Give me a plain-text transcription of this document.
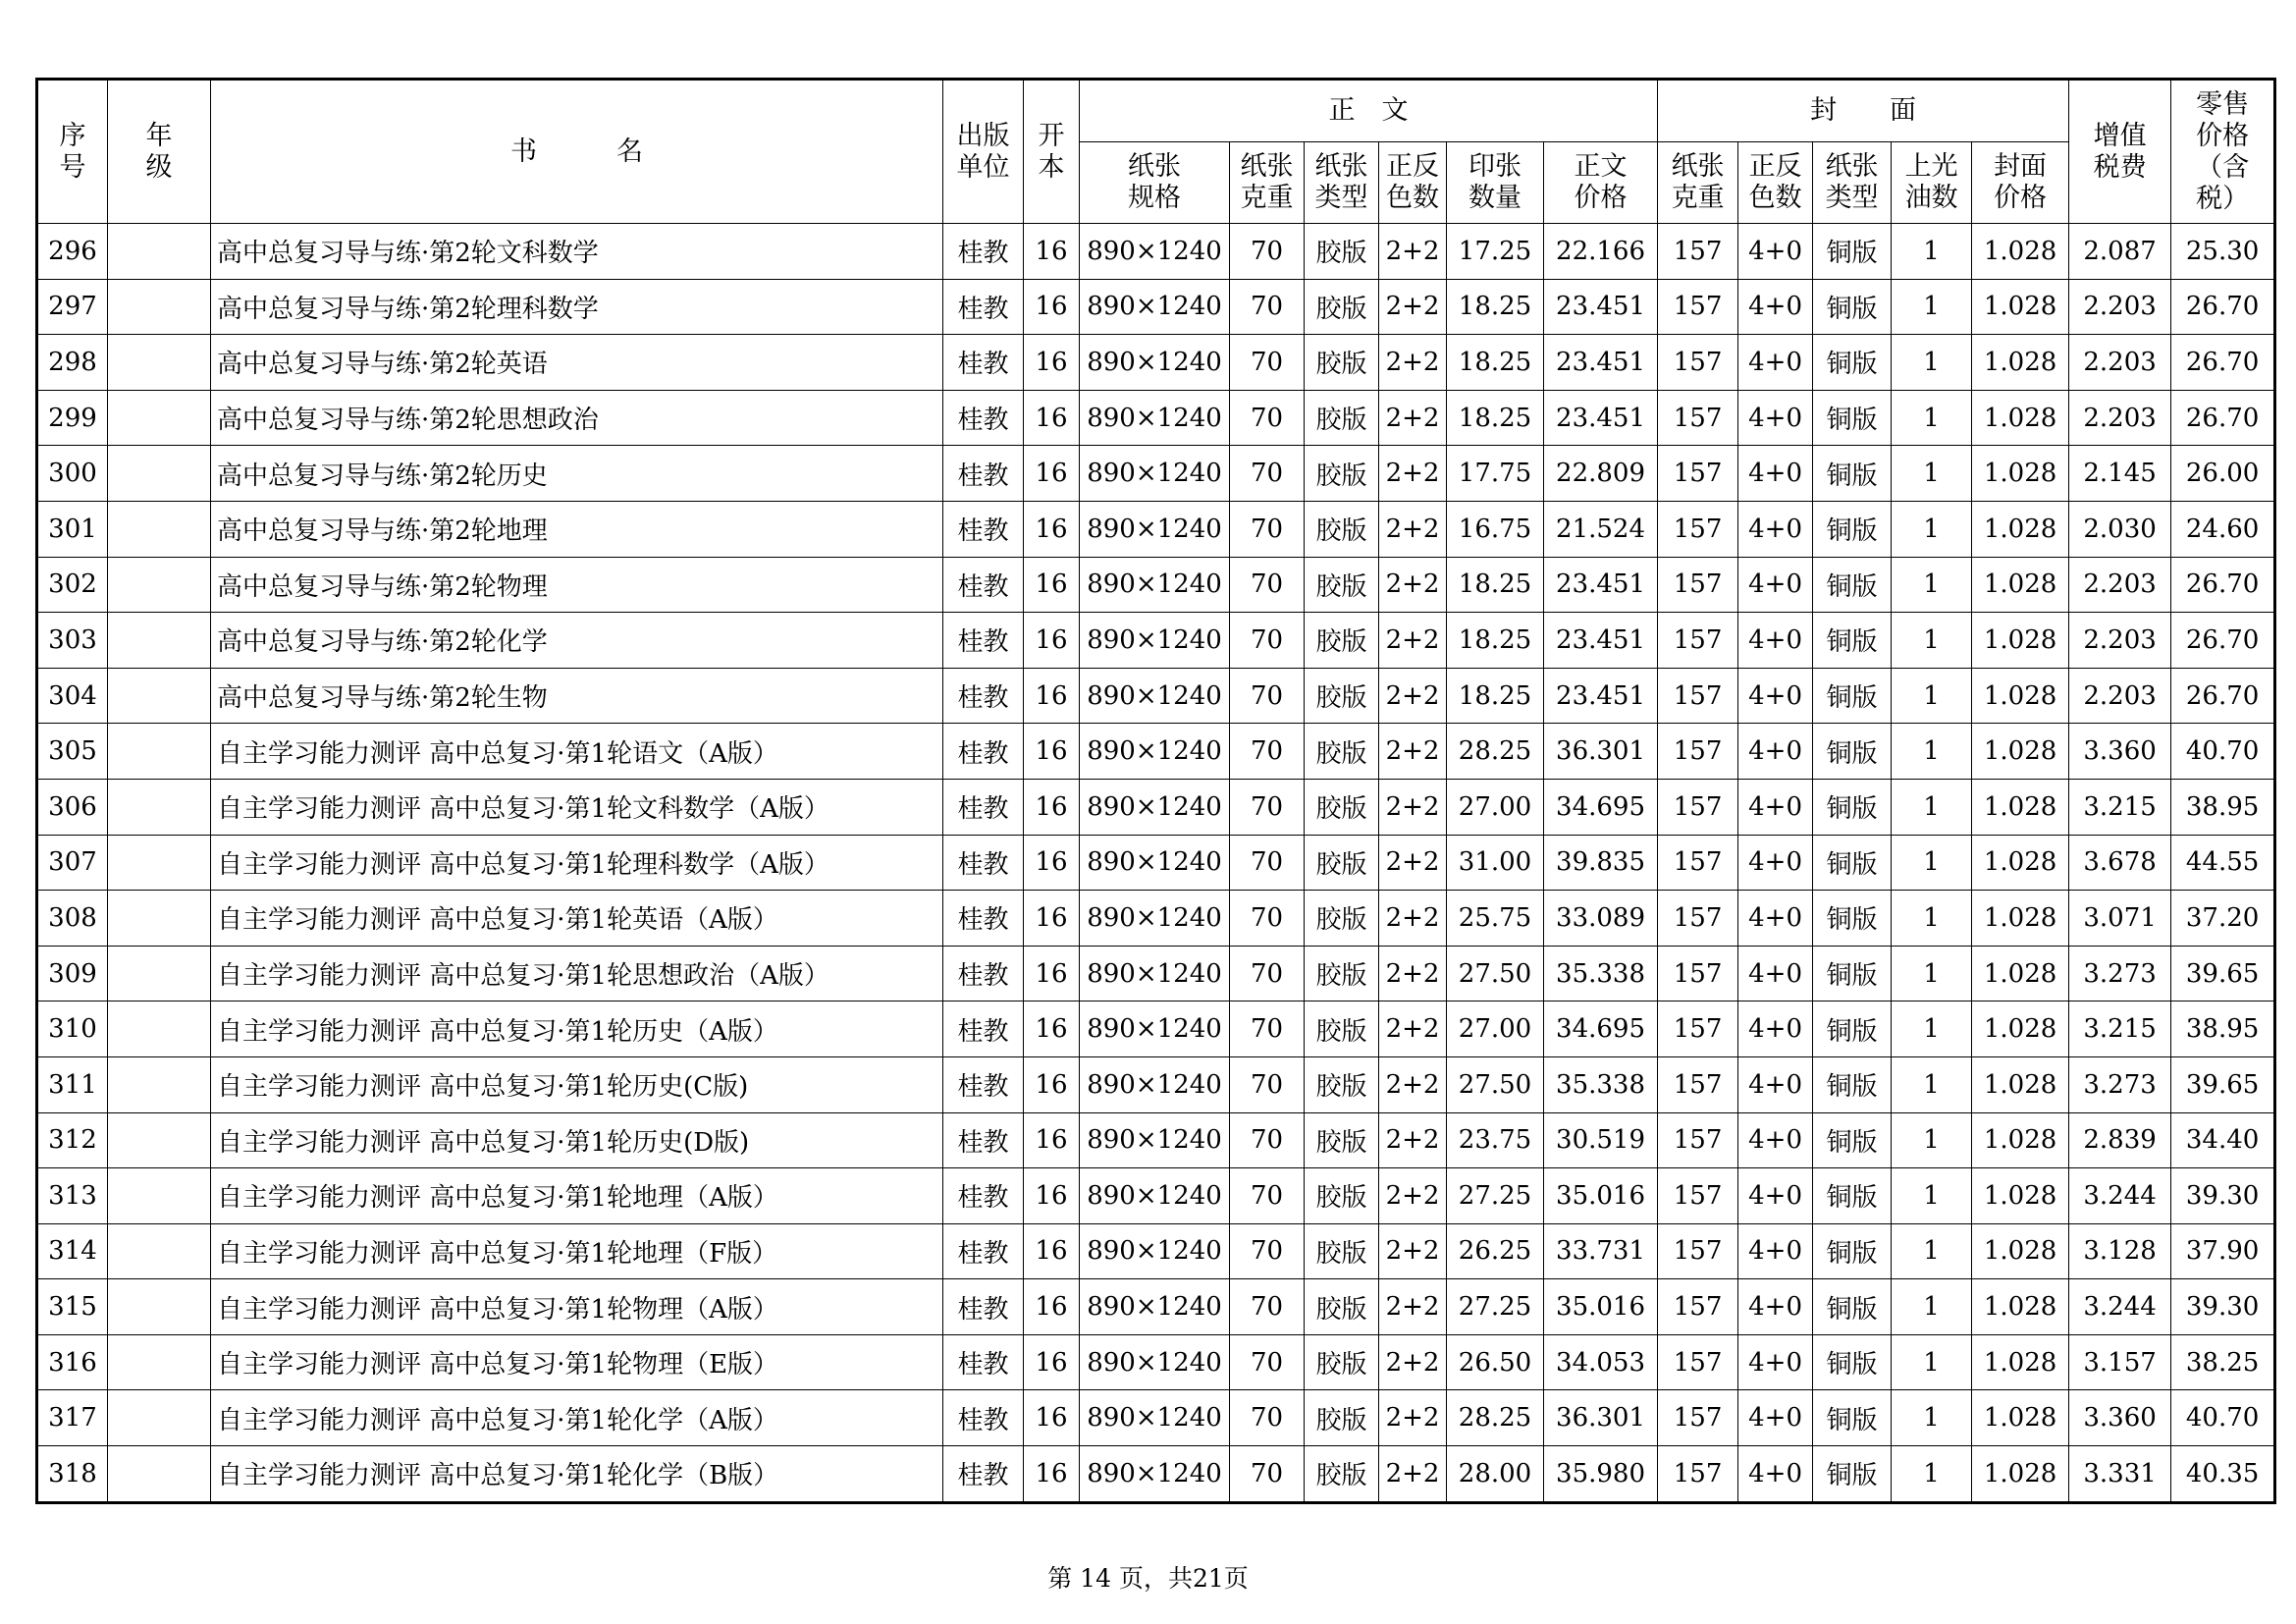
序号	年级	书　　　名	出版单位	开本	正　文						封　　面					增值税费	零售价格（含税）
					纸张规格	纸张克重	纸张类型	正反色数	印张数量	正文价格	纸张克重	正反色数	纸张类型	上光油数	封面价格		
296		高中总复习导与练·第2轮文科数学	桂教	16	890×1240	70	胶版	2+2	17.25	22.166	157	4+0	铜版	1	1.028	2.087	25.30
297		高中总复习导与练·第2轮理科数学	桂教	16	890×1240	70	胶版	2+2	18.25	23.451	157	4+0	铜版	1	1.028	2.203	26.70
298		高中总复习导与练·第2轮英语	桂教	16	890×1240	70	胶版	2+2	18.25	23.451	157	4+0	铜版	1	1.028	2.203	26.70
299		高中总复习导与练·第2轮思想政治	桂教	16	890×1240	70	胶版	2+2	18.25	23.451	157	4+0	铜版	1	1.028	2.203	26.70
300		高中总复习导与练·第2轮历史	桂教	16	890×1240	70	胶版	2+2	17.75	22.809	157	4+0	铜版	1	1.028	2.145	26.00
301		高中总复习导与练·第2轮地理	桂教	16	890×1240	70	胶版	2+2	16.75	21.524	157	4+0	铜版	1	1.028	2.030	24.60
302		高中总复习导与练·第2轮物理	桂教	16	890×1240	70	胶版	2+2	18.25	23.451	157	4+0	铜版	1	1.028	2.203	26.70
303		高中总复习导与练·第2轮化学	桂教	16	890×1240	70	胶版	2+2	18.25	23.451	157	4+0	铜版	1	1.028	2.203	26.70
304		高中总复习导与练·第2轮生物	桂教	16	890×1240	70	胶版	2+2	18.25	23.451	157	4+0	铜版	1	1.028	2.203	26.70
305		自主学习能力测评 高中总复习·第1轮语文（A版）	桂教	16	890×1240	70	胶版	2+2	28.25	36.301	157	4+0	铜版	1	1.028	3.360	40.70
306		自主学习能力测评 高中总复习·第1轮文科数学（A版）	桂教	16	890×1240	70	胶版	2+2	27.00	34.695	157	4+0	铜版	1	1.028	3.215	38.95
307		自主学习能力测评 高中总复习·第1轮理科数学（A版）	桂教	16	890×1240	70	胶版	2+2	31.00	39.835	157	4+0	铜版	1	1.028	3.678	44.55
308		自主学习能力测评 高中总复习·第1轮英语（A版）	桂教	16	890×1240	70	胶版	2+2	25.75	33.089	157	4+0	铜版	1	1.028	3.071	37.20
309		自主学习能力测评 高中总复习·第1轮思想政治（A版）	桂教	16	890×1240	70	胶版	2+2	27.50	35.338	157	4+0	铜版	1	1.028	3.273	39.65
310		自主学习能力测评 高中总复习·第1轮历史（A版）	桂教	16	890×1240	70	胶版	2+2	27.00	34.695	157	4+0	铜版	1	1.028	3.215	38.95
311		自主学习能力测评 高中总复习·第1轮历史(C版)	桂教	16	890×1240	70	胶版	2+2	27.50	35.338	157	4+0	铜版	1	1.028	3.273	39.65
312		自主学习能力测评 高中总复习·第1轮历史(D版)	桂教	16	890×1240	70	胶版	2+2	23.75	30.519	157	4+0	铜版	1	1.028	2.839	34.40
313		自主学习能力测评 高中总复习·第1轮地理（A版）	桂教	16	890×1240	70	胶版	2+2	27.25	35.016	157	4+0	铜版	1	1.028	3.244	39.30
314		自主学习能力测评 高中总复习·第1轮地理（F版）	桂教	16	890×1240	70	胶版	2+2	26.25	33.731	157	4+0	铜版	1	1.028	3.128	37.90
315		自主学习能力测评 高中总复习·第1轮物理（A版）	桂教	16	890×1240	70	胶版	2+2	27.25	35.016	157	4+0	铜版	1	1.028	3.244	39.30
316		自主学习能力测评 高中总复习·第1轮物理（E版）	桂教	16	890×1240	70	胶版	2+2	26.50	34.053	157	4+0	铜版	1	1.028	3.157	38.25
317		自主学习能力测评 高中总复习·第1轮化学（A版）	桂教	16	890×1240	70	胶版	2+2	28.25	36.301	157	4+0	铜版	1	1.028	3.360	40.70
318		自主学习能力测评 高中总复习·第1轮化学（B版）	桂教	16	890×1240	70	胶版	2+2	28.00	35.980	157	4+0	铜版	1	1.028	3.331	40.35
第 14 页，共21页
